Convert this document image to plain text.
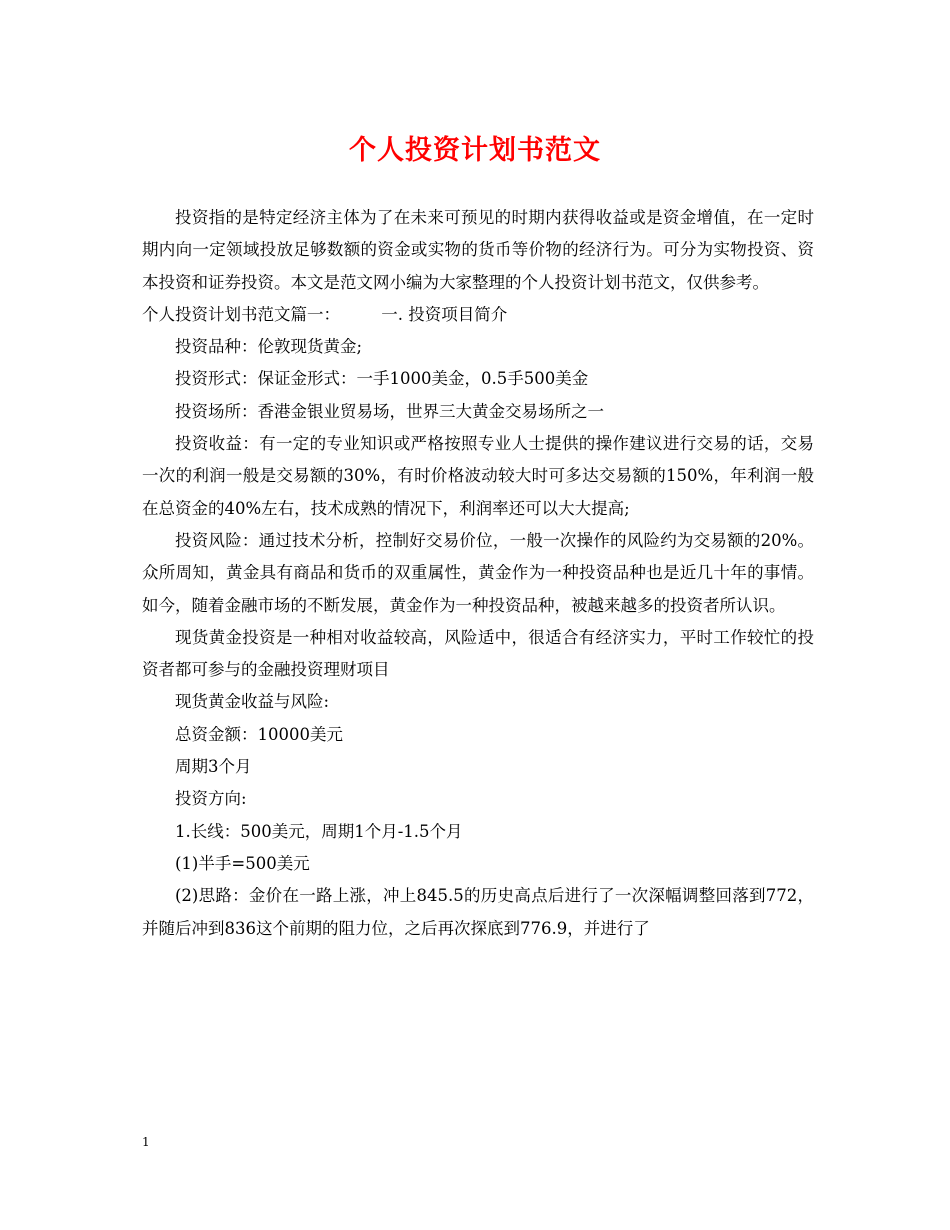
个人投资计划书范文

投资指的是特定经济主体为了在未来可预见的时期内获得收益或是资金增值，在一定时期内向一定领域投放足够数额的资金或实物的货币等价物的经济行为。可分为实物投资、资本投资和证券投资。本文是范文网小编为大家整理的个人投资计划书范文，仅供参考。

个人投资计划书范文篇一：　　　一. 投资项目简介

投资品种：伦敦现货黄金;

投资形式：保证金形式：一手1000美金，0.5手500美金

投资场所：香港金银业贸易场，世界三大黄金交易场所之一

投资收益：有一定的专业知识或严格按照专业人士提供的操作建议进行交易的话，交易一次的利润一般是交易额的30%，有时价格波动较大时可多达交易额的150%，年利润一般在总资金的40%左右，技术成熟的情况下，利润率还可以大大提高;

投资风险：通过技术分析，控制好交易价位，一般一次操作的风险约为交易额的20%。 众所周知，黄金具有商品和货币的双重属性，黄金作为一种投资品种也是近几十年的事情。如今，随着金融市场的不断发展，黄金作为一种投资品种，被越来越多的投资者所认识。

现货黄金投资是一种相对收益较高，风险适中，很适合有经济实力，平时工作较忙的投资者都可参与的金融投资理财项目

现货黄金收益与风险:

总资金额：10000美元

周期3个月

投资方向:

1.长线：500美元，周期1个月-1.5个月

(1)半手=500美元

(2)思路：金价在一路上涨，冲上845.5的历史高点后进行了一次深幅调整回落到772，并随后冲到836这个前期的阻力位，之后再次探底到776.9，并进行了

1
